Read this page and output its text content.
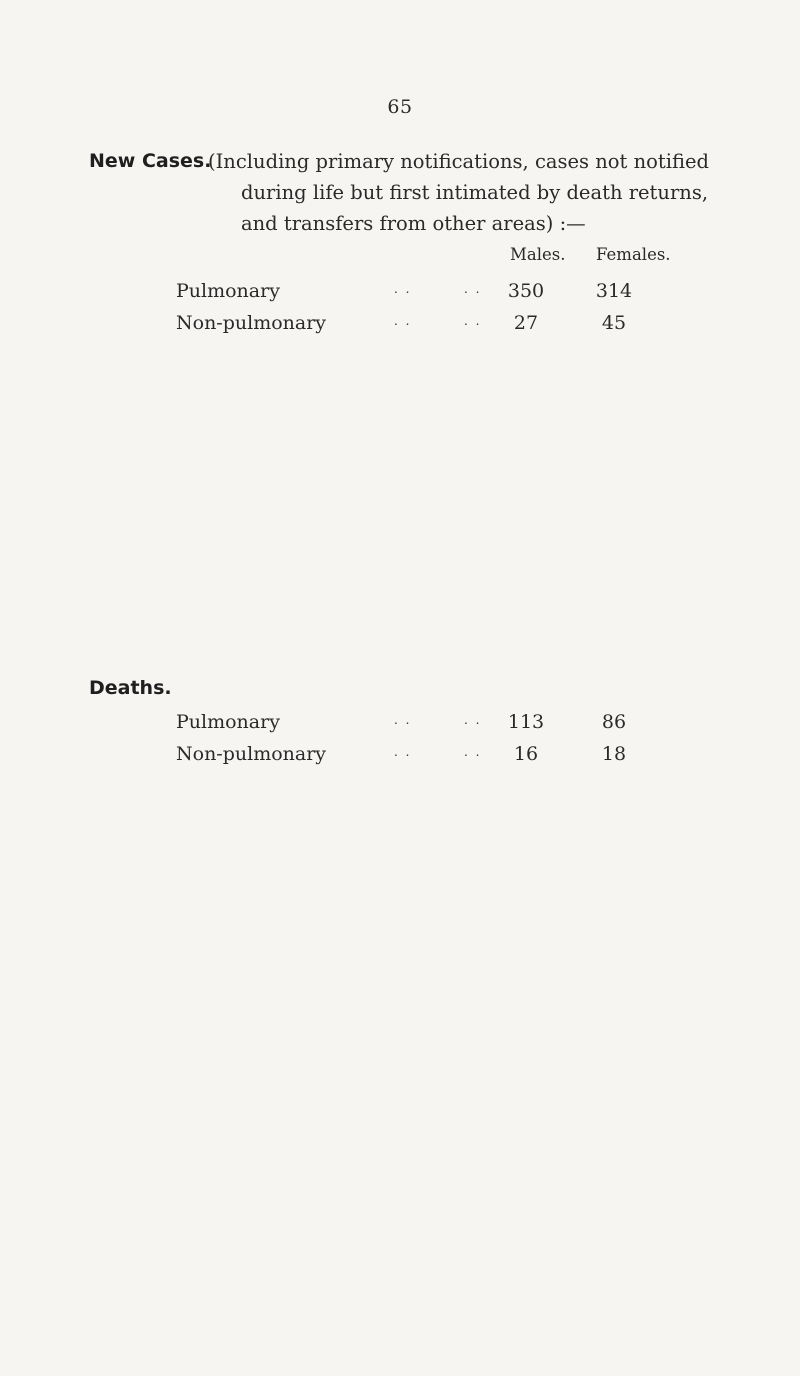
65
New Cases.
(Including primary notifications, cases not notified
during life but first intimated by death returns,
and transfers from other areas) :—
Males. Females.
Pulmonary	. .	. .	350	314
Non-pulmonary	. .	. .	27	45
Deaths.
Pulmonary	. .	. .	113	86
Non-pulmonary	. .	. .	16	18
